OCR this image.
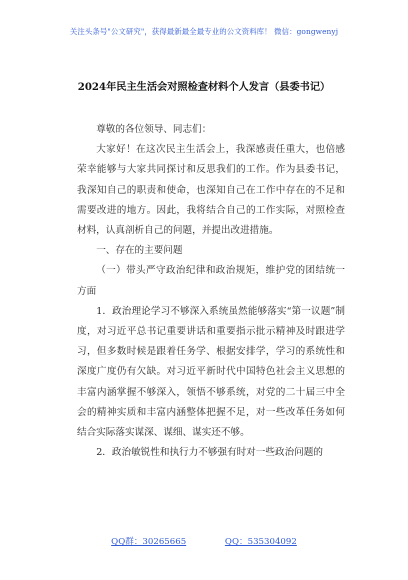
关注头条号"公文研究"，获得最新最全最专业的公文资料库！ 微信：gongwenyj
2024年民主生活会对照检查材料个人发言（县委书记）

尊敬的各位领导、同志们：

大家好！在这次民主生活会上，我深感责任重大，也倍感荣幸能够与大家共同探讨和反思我们的工作。作为县委书记，我深知自己的职责和使命，也深知自己在工作中存在的不足和需要改进的地方。因此，我将结合自己的工作实际，对照检查材料，认真剖析自己的问题，并提出改进措施。

一、存在的主要问题

（一）带头严守政治纪律和政治规矩，维护党的团结统一方面

1．政治理论学习不够深入系统虽然能够落实“第一议题”制度，对习近平总书记重要讲话和重要指示批示精神及时跟进学习，但多数时候是跟着任务学、根据安排学，学习的系统性和深度广度仍有欠缺。对习近平新时代中国特色社会主义思想的丰富内涵掌握不够深入，领悟不够系统，对党的二十届三中全会的精神实质和丰富内涵整体把握不足，对一些改革任务如何结合实际落实谋深、谋细、谋实还不够。

2．政治敏锐性和执行力不够强有时对一些政治问题的

QQ群：30265665	QQ：535304092
